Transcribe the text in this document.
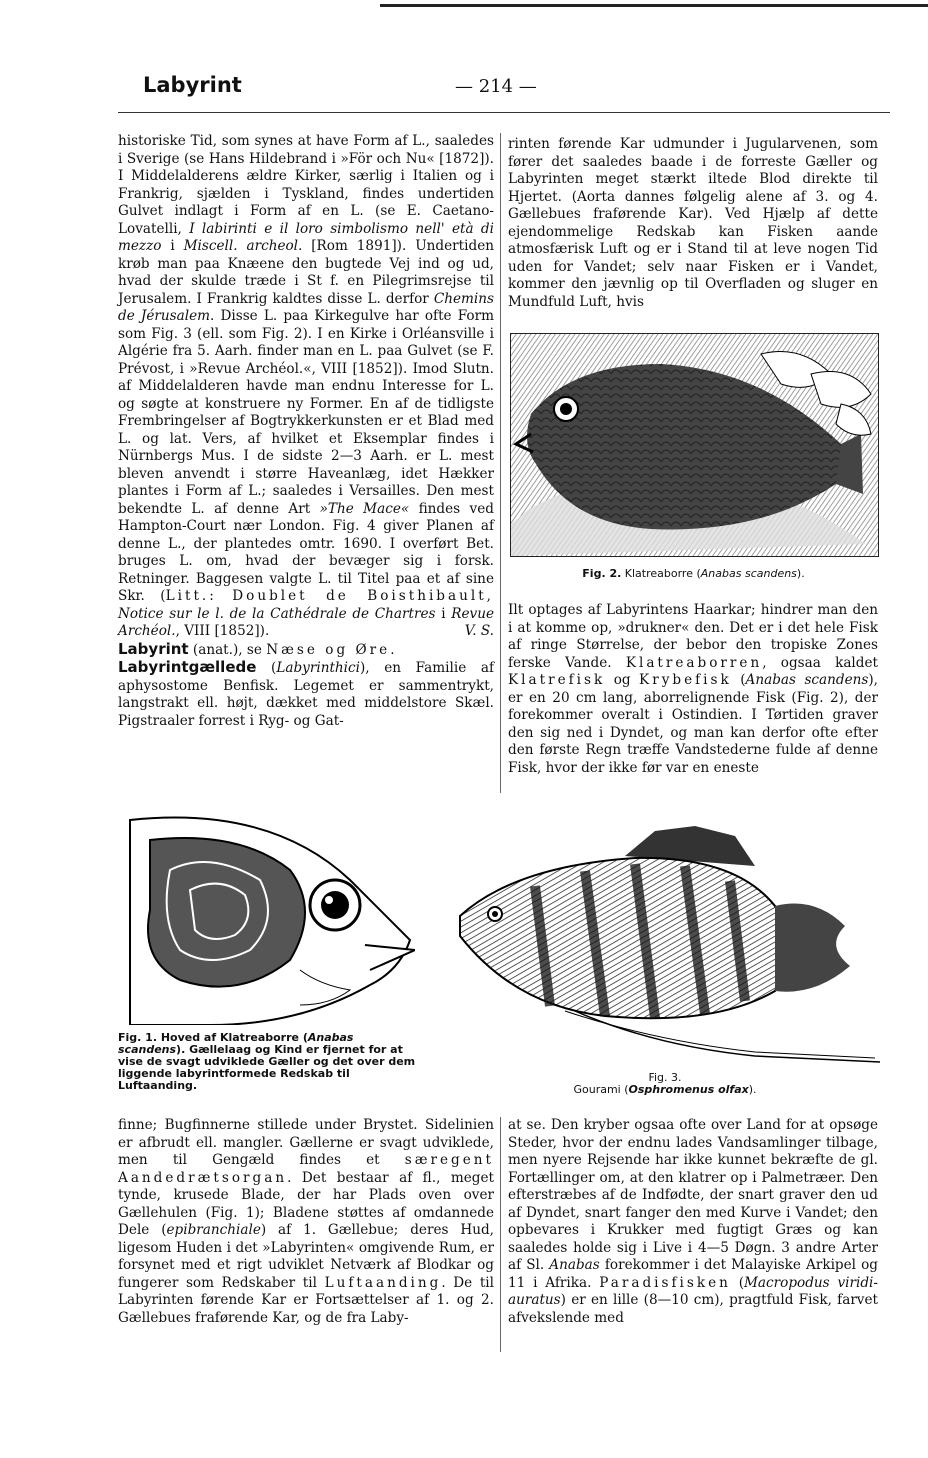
Labyrint	— 214 —

historiske Tid, som synes at have Form af L., saaledes i Sverige (se Hans Hildebrand i »För och Nu« [1872]). I Middelalderens ældre Kirker, særlig i Italien og i Frankrig, sjælden i Tyskland, findes undertiden Gulvet indlagt i Form af en L. (se E. Caetano-Lovatelli, I labirinti e il loro simbolismo nell' età di mezzo i Miscell. archeol. [Rom 1891]). Undertiden krøb man paa Knæene den bugtede Vej ind og ud, hvad der skulde træde i St f. en Pilegrimsrejse til Jerusalem. I Frankrig kaldtes disse L. derfor Chemins de Jérusalem. Disse L. paa Kirkegulve har ofte Form som Fig. 3 (ell. som Fig. 2). I en Kirke i Orléansville i Algérie fra 5. Aarh. finder man en L. paa Gulvet (se F. Prévost, i »Revue Archéol.«, VIII [1852]). Imod Slutn. af Middelalderen havde man endnu Interesse for L. og søgte at konstruere ny Former. En af de tidligste Frembringelser af Bogtrykkerkunsten er et Blad med L. og lat. Vers, af hvilket et Eksemplar findes i Nürnbergs Mus. I de sidste 2—3 Aarh. er L. mest bleven anvendt i større Haveanlæg, idet Hækker plantes i Form af L.; saaledes i Versailles. Den mest bekendte L. af denne Art »The Mace« findes ved Hampton-Court nær London. Fig. 4 giver Planen af denne L., der plantedes omtr. 1690. I overført Bet. bruges L. om, hvad der bevæger sig i forsk. Retninger. Baggesen valgte L. til Titel paa et af sine Skr. (Litt.: Doublet de Boisthibault, Notice sur le l. de la Cathédrale de Chartres i Revue Archéol., VIII [1852]).	V. S.

Labyrint (anat.), se Næse og Øre.

Labyrintgællede (Labyrinthici), en Familie af aphysostome Benfisk. Legemet er sammentrykt, langstrakt ell. højt, dækket med middelstore Skæl. Pigstraaler forrest i Ryg- og Gat-

rinten førende Kar udmunder i Jugularvenen, som fører det saaledes baade i de forreste Gæller og Labyrinten meget stærkt iltede Blod direkte til Hjertet. (Aorta dannes følgelig alene af 3. og 4. Gællebues fraførende Kar). Ved Hjælp af dette ejendommelige Redskab kan Fisken aande atmosfærisk Luft og er i Stand til at leve nogen Tid uden for Vandet; selv naar Fisken er i Vandet, kommer den jævnlig op til Overfladen og sluger en Mundfuld Luft, hvis

Fig. 2. Klatreaborre (Anabas scandens).

Ilt optages af Labyrintens Haarkar; hindrer man den i at komme op, »drukner« den. Det er i det hele Fisk af ringe Størrelse, der bebor den tropiske Zones ferske Vande. Klatreaborren, ogsaa kaldet Klatrefisk og Krybefisk (Anabas scandens), er en 20 cm lang, aborrelignende Fisk (Fig. 2), der forekommer overalt i Ostindien. I Tørtiden graver den sig ned i Dyndet, og man kan derfor ofte efter den første Regn træffe Vandstederne fulde af denne Fisk, hvor der ikke før var en eneste

Fig. 1. Hoved af Klatreaborre (Anabas scandens). Gællelaag og Kind er fjernet for at vise de svagt udviklede Gæller og det over dem liggende labyrintformede Redskab til Luftaanding.
Fig. 3.
Gourami (Osphromenus olfax).

finne; Bugfinnerne stillede under Brystet. Sidelinien er afbrudt ell. mangler. Gællerne er svagt udviklede, men til Gengæld findes et særegent Aandedrætsorgan. Det bestaar af fl., meget tynde, krusede Blade, der har Plads oven over Gællehulen (Fig. 1); Bladene støttes af omdannede Dele (epibranchiale) af 1. Gællebue; deres Hud, ligesom Huden i det »Labyrinten« omgivende Rum, er forsynet med et rigt udviklet Netværk af Blodkar og fungerer som Redskaber til Luftaanding. De til Labyrinten førende Kar er Fortsættelser af 1. og 2. Gællebues fraførende Kar, og de fra Laby-

at se. Den kryber ogsaa ofte over Land for at opsøge Steder, hvor der endnu lades Vandsamlinger tilbage, men nyere Rejsende har ikke kunnet bekræfte de gl. Fortællinger om, at den klatrer op i Palmetræer. Den efterstræbes af de Indfødte, der snart graver den ud af Dyndet, snart fanger den med Kurve i Vandet; den opbevares i Krukker med fugtigt Græs og kan saaledes holde sig i Live i 4—5 Døgn. 3 andre Arter af Sl. Anabas forekommer i det Malayiske Arkipel og 11 i Afrika. Paradisfisken (Macropodus viridi-auratus) er en lille (8—10 cm), pragtfuld Fisk, farvet afvekslende med
